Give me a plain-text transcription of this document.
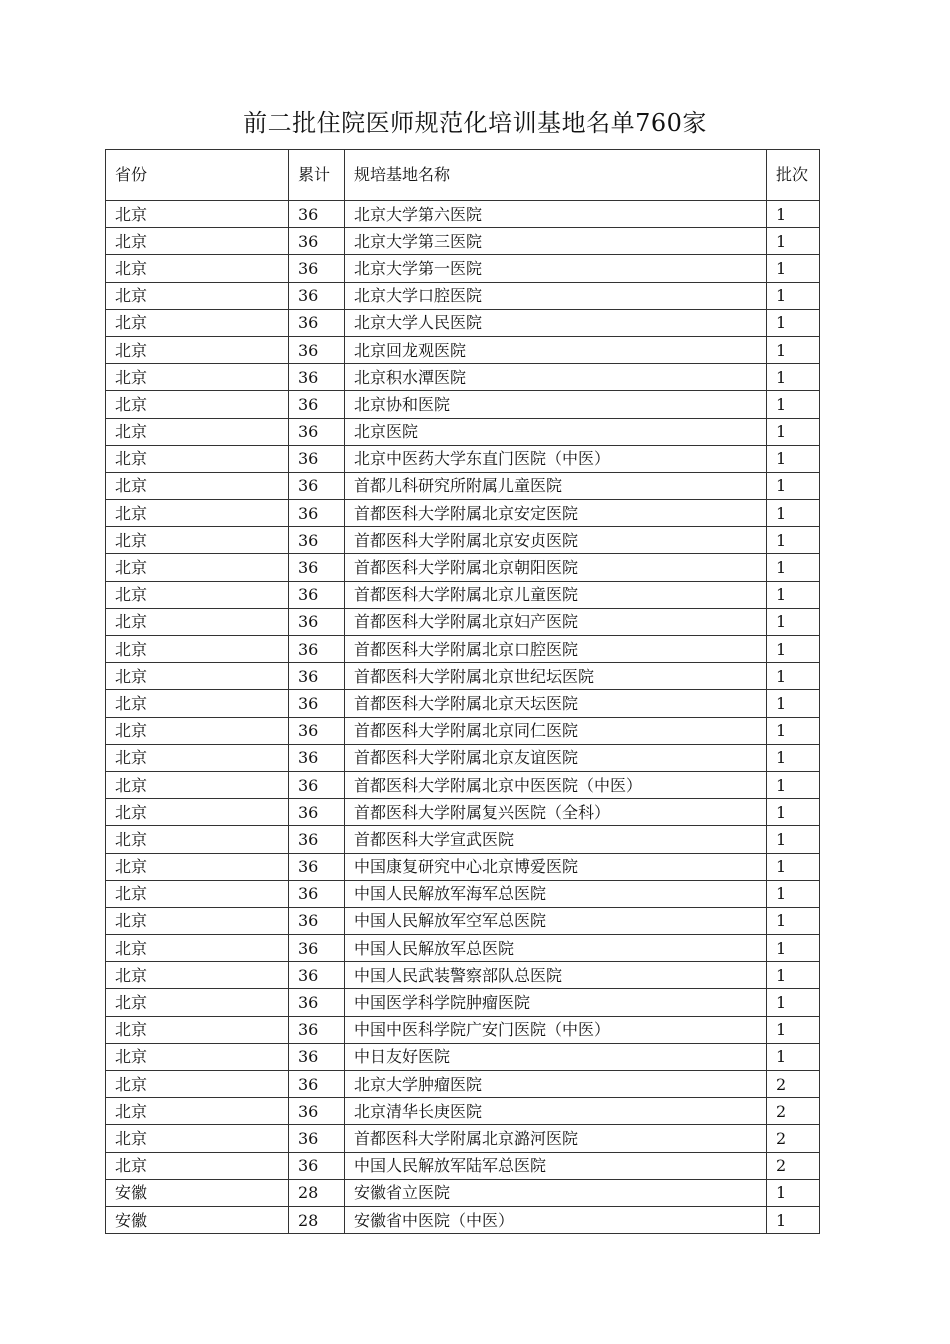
前二批住院医师规范化培训基地名单760家
省份	累计	规培基地名称	批次
北京	36	北京大学第六医院	1
北京	36	北京大学第三医院	1
北京	36	北京大学第一医院	1
北京	36	北京大学口腔医院	1
北京	36	北京大学人民医院	1
北京	36	北京回龙观医院	1
北京	36	北京积水潭医院	1
北京	36	北京协和医院	1
北京	36	北京医院	1
北京	36	北京中医药大学东直门医院（中医）	1
北京	36	首都儿科研究所附属儿童医院	1
北京	36	首都医科大学附属北京安定医院	1
北京	36	首都医科大学附属北京安贞医院	1
北京	36	首都医科大学附属北京朝阳医院	1
北京	36	首都医科大学附属北京儿童医院	1
北京	36	首都医科大学附属北京妇产医院	1
北京	36	首都医科大学附属北京口腔医院	1
北京	36	首都医科大学附属北京世纪坛医院	1
北京	36	首都医科大学附属北京天坛医院	1
北京	36	首都医科大学附属北京同仁医院	1
北京	36	首都医科大学附属北京友谊医院	1
北京	36	首都医科大学附属北京中医医院（中医）	1
北京	36	首都医科大学附属复兴医院（全科）	1
北京	36	首都医科大学宣武医院	1
北京	36	中国康复研究中心北京博爱医院	1
北京	36	中国人民解放军海军总医院	1
北京	36	中国人民解放军空军总医院	1
北京	36	中国人民解放军总医院	1
北京	36	中国人民武装警察部队总医院	1
北京	36	中国医学科学院肿瘤医院	1
北京	36	中国中医科学院广安门医院（中医）	1
北京	36	中日友好医院	1
北京	36	北京大学肿瘤医院	2
北京	36	北京清华长庚医院	2
北京	36	首都医科大学附属北京潞河医院	2
北京	36	中国人民解放军陆军总医院	2
安徽	28	安徽省立医院	1
安徽	28	安徽省中医院（中医）	1
